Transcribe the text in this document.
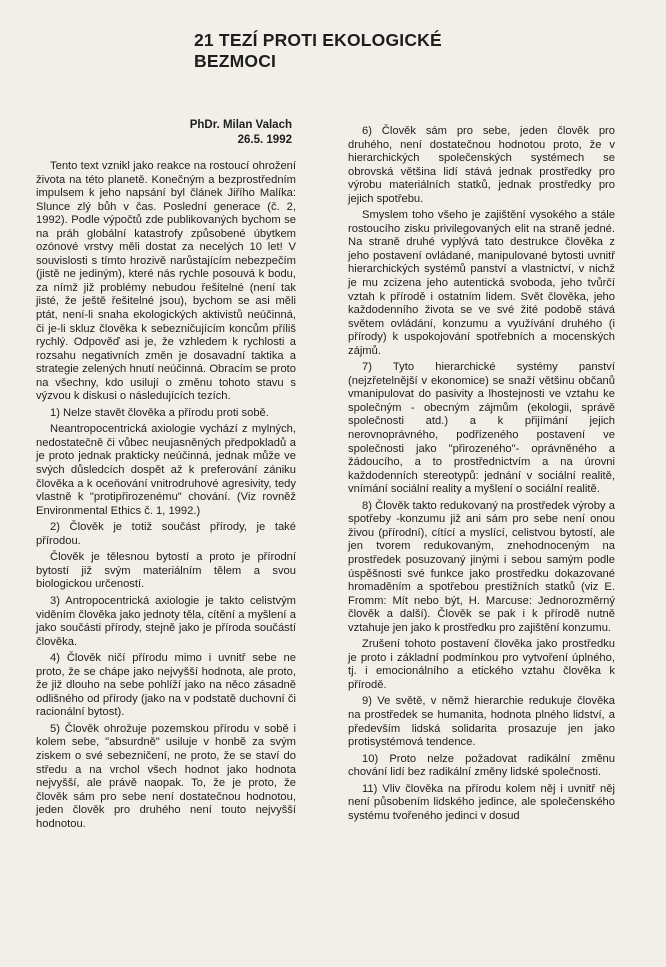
21 TEZÍ PROTI EKOLOGICKÉ BEZMOCI
PhDr. Milan Valach
26.5. 1992

Tento text vznikl jako reakce na rostoucí ohrožení života na této planetě. Konečným a bezprostředním impulsem k jeho napsání byl článek Jiřího Malíka: Slunce zlý bůh v čas. Poslední generace (č. 2, 1992). Podle výpočtů zde publikovaných bychom se na práh globální katastrofy způsobené úbytkem ozónové vrstvy měli dostat za necelých 10 let! V souvislosti s tímto hrozivě narůstajícím nebezpečím (jistě ne jediným), které nás rychle posouvá k bodu, za nímž již problémy nebudou řešitelné (není tak jisté, že ještě řešitelné jsou), bychom se asi měli ptát, není-li snaha ekologických aktivistů neúčinná, či je-li skluz člověka k sebezničujícím koncům příliš rychlý. Odpověď asi je, že vzhledem k rychlosti a rozsahu negativních změn je dosavadní taktika a strategie zelených hnutí neúčinná. Obracím se proto na všechny, kdo usilují o změnu tohoto stavu s výzvou k diskusi o následujících tezích.

1) Nelze stavět člověka a přírodu proti sobě.

Neantropocentrická axiologie vychází z mylných, nedostatečně či vůbec neujasněných předpokladů a je proto jednak prakticky neúčinná, jednak může ve svých důsledcích dospět až k preferování zániku člověka a k oceňování vnitrodruhové agresivity, tedy vlastně k "protipřirozenému" chování. (Viz rovněž Environmental Ethics č. 1, 1992.)

2) Člověk je totiž součást přírody, je také přírodou.

Člověk je tělesnou bytostí a proto je přírodní bytostí již svým materiálním tělem a svou biologickou určeností.

3) Antropocentrická axiologie je takto celistvým viděním člověka jako jednoty těla, cítění a myšlení a jako součásti přírody, stejně jako je příroda součástí člověka.

4) Člověk ničí přírodu mimo i uvnitř sebe ne proto, že se chápe jako nejvyšší hodnota, ale proto, že již dlouho na sebe pohlíží jako na něco zásadně odlišného od přírody (jako na v podstatě duchovní či racionální bytost).

5) Člověk ohrožuje pozemskou přírodu v sobě i kolem sebe, "absurdně" usiluje v honbě za svým ziskem o své sebezničení, ne proto, že se staví do středu a na vrchol všech hodnot jako hodnota nejvyšší, ale právě naopak. To, že je proto, že člověk sám pro sebe není dostatečnou hodnotou, jeden člověk pro druhého není touto nejvyšší hodnotou.

6) Člověk sám pro sebe, jeden člověk pro druhého, není dostatečnou hodnotou proto, že v hierarchických společenských systémech se obrovská většina lidí stává jednak prostředky pro výrobu materiálních statků, jednak prostředky pro jejich spotřebu.

Smyslem toho všeho je zajištění vysokého a stále rostoucího zisku privilegovaných elit na straně jedné. Na straně druhé vyplývá tato destrukce člověka z jeho postavení ovládané, manipulované bytosti uvnitř hierarchických systémů panství a vlastnictví, v nichž je mu zcizena jeho autentická svoboda, jeho tvůrčí vztah k přírodě i ostatním lidem. Svět člověka, jeho každodenního života se ve své žité podobě stává světem ovládání, konzumu a využívání druhého (i přírody) k uspokojování spotřebních a mocenských zájmů.

7) Tyto hierarchické systémy panství (nejzřetelnější v ekonomice) se snaží většinu občanů vmanipulovat do pasivity a lhostejnosti ve vztahu ke společným - obecným zájmům (ekologii, správě společnosti atd.) a k přijímání jejich nerovnoprávného, podřízeného postavení ve společnosti jako "přirozeného"- oprávněného a žádoucího, a to prostřednictvím a na úrovni každodenních stereotypů: jednání v sociální realitě, vnímání sociální reality a myšlení o sociální realitě.

8) Člověk takto redukovaný na prostředek výroby a spotřeby -konzumu již ani sám pro sebe není onou živou (přírodní), cítící a myslící, celistvou bytostí, ale jen tvorem redukovaným, znehodnoceným na prostředek posuzovaný jinými i sebou samým podle úspěšnosti své funkce jako prostředku dokazované hromaděním a spotřebou prestižních statků (viz E. Fromm: Mít nebo být, H. Marcuse: Jednorozměrný člověk a další). Člověk se pak i k přírodě nutně vztahuje jen jako k prostředku pro zajištění konzumu.

Zrušení tohoto postavení člověka jako prostředku je proto i základní podmínkou pro vytvoření úplného, tj. i emocionálního a etického vztahu člověka k přírodě.

9) Ve světě, v němž hierarchie redukuje člověka na prostředek se humanita, hodnota plného lidství, a především lidská solidarita prosazuje jen jako protisystémová tendence.

10) Proto nelze požadovat radikální změnu chování lidí bez radikální změny lidské společnosti.

11) Vliv člověka na přírodu kolem něj i uvnitř něj není působením lidského jedince, ale společenského systému tvořeného jedinci v dosud
